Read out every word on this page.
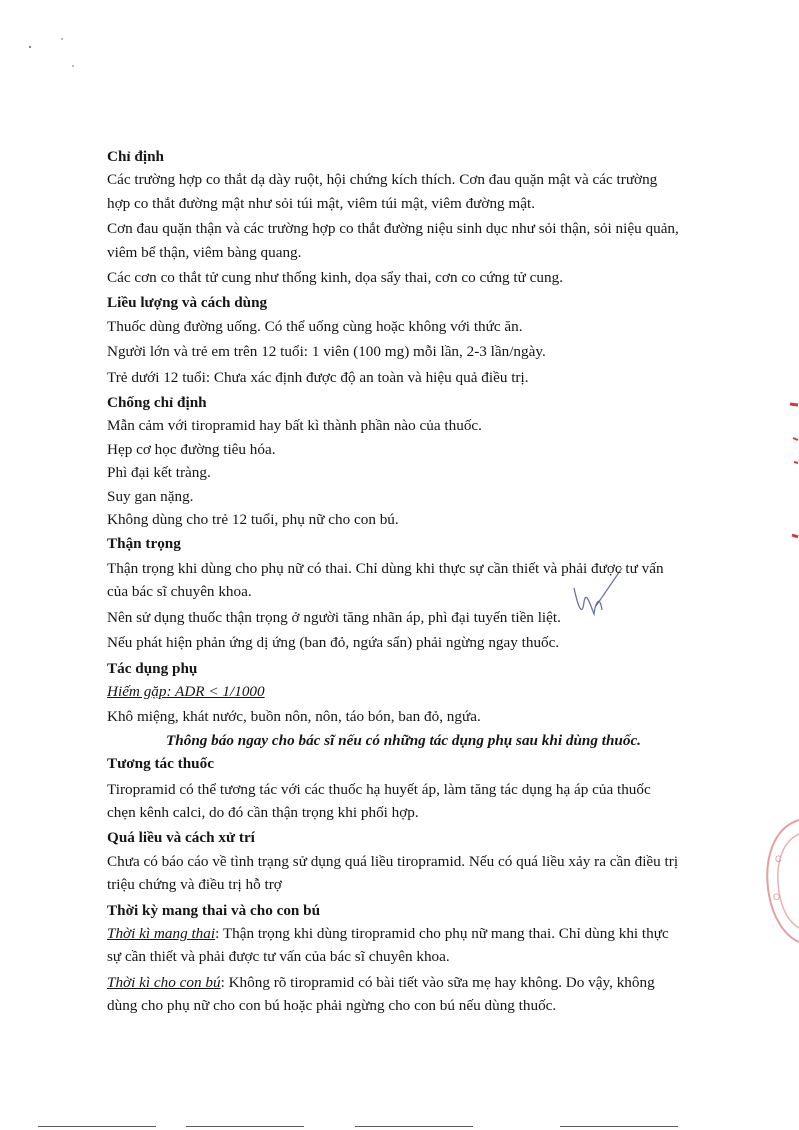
C
O

Chỉ định

Các trường hợp co thắt dạ dày ruột, hội chứng kích thích. Cơn đau quặn mật và các trường hợp co thắt đường mật như sỏi túi mật, viêm túi mật, viêm đường mật.

Cơn đau quặn thận và các trường hợp co thắt đường niệu sinh dục như sỏi thận, sỏi niệu quản, viêm bể thận, viêm bàng quang.

Các cơn co thắt tử cung như thống kinh, dọa sẩy thai, cơn co cứng tử cung.

Liều lượng và cách dùng

Thuốc dùng đường uống. Có thể uống cùng hoặc không với thức ăn.

Người lớn và trẻ em trên 12 tuổi: 1 viên (100 mg) mỗi lần, 2-3 lần/ngày.

Trẻ dưới 12 tuổi: Chưa xác định được độ an toàn và hiệu quả điều trị.

Chống chỉ định

Mẫn cảm với tiropramid hay bất kì thành phần nào của thuốc.

Hẹp cơ học đường tiêu hóa.

Phì đại kết tràng.

Suy gan nặng.

Không dùng cho trẻ 12 tuổi, phụ nữ cho con bú.

Thận trọng

Thận trọng khi dùng cho phụ nữ có thai. Chỉ dùng khi thực sự cần thiết và phải được tư vấn của bác sĩ chuyên khoa.

Nên sử dụng thuốc thận trọng ở người tăng nhãn áp, phì đại tuyến tiền liệt.

Nếu phát hiện phản ứng dị ứng (ban đỏ, ngứa sẩn) phải ngừng ngay thuốc.

Tác dụng phụ

Hiếm gặp: ADR < 1/1000

Khô miệng, khát nước, buồn nôn, nôn, táo bón, ban đỏ, ngứa.

Thông báo ngay cho bác sĩ nếu có những tác dụng phụ sau khi dùng thuốc.

Tương tác thuốc

Tiropramid có thể tương tác với các thuốc hạ huyết áp, làm tăng tác dụng hạ áp của thuốc chẹn kênh calci, do đó cần thận trọng khi phối hợp.

Quá liều và cách xử trí

Chưa có báo cáo về tình trạng sử dụng quá liều tiropramid. Nếu có quá liều xảy ra cần điều trị triệu chứng và điều trị hỗ trợ

Thời kỳ mang thai và cho con bú

Thời kì mang thai: Thận trọng khi dùng tiropramid cho phụ nữ mang thai. Chỉ dùng khi thực sự cần thiết và phải được tư vấn của bác sĩ chuyên khoa.

Thời kì cho con bú: Không rõ tiropramid có bài tiết vào sữa mẹ hay không. Do vậy, không dùng cho phụ nữ cho con bú hoặc phải ngừng cho con bú nếu dùng thuốc.
